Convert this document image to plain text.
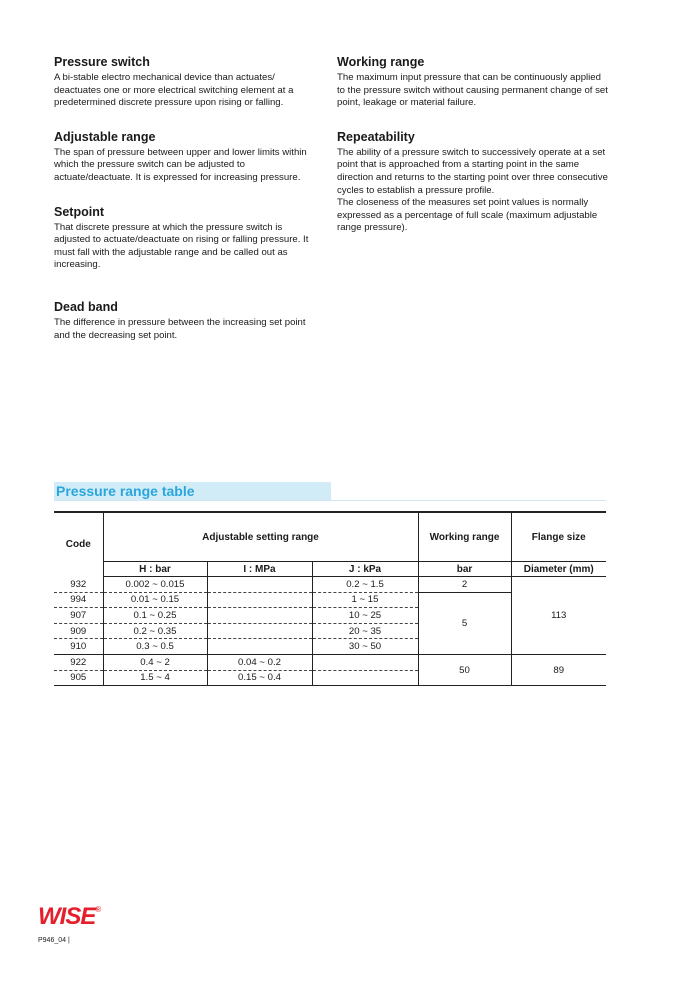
Pressure switch

A bi-stable electro mechanical device than actuates/ deactuates one or more electrical switching element at a predetermined discrete pressure upon rising or falling.

Adjustable range

The span of pressure between upper and lower limits within which the pressure switch can be adjusted to actuate/deactuate. It is expressed for increasing pressure.

Setpoint

That discrete pressure at which the pressure switch is adjusted to actuate/deactuate on rising or falling pressure. It must fall with the adjustable range and be called out as increasing.

Dead band

The difference in pressure between the increasing set point and the decreasing set point.

Working range

The maximum input pressure that can be continuously applied to the pressure switch without causing permanent change of set point, leakage or material failure.

Repeatability

The ability of a pressure switch to successively operate at a set point that is approached from a starting point in the same direction and returns to the starting point over three consecutive cycles to establish a pressure profile.

The closeness of the measures set point values is normally expressed as a percentage of full scale (maximum adjustable range pressure).

Pressure range table
Code	Adjustable setting range			Working range	Flange size
	H : bar	I : MPa	J : kPa	bar	Diameter (mm)
932	0.002 ~ 0.015		0.2 ~ 1.5	2	113
994	0.01 ~ 0.15		1 ~ 15	5	
907	0.1 ~ 0.25		10 ~ 25		
909	0.2 ~ 0.35		20 ~ 35		
910	0.3 ~ 0.5		30 ~ 50		
922	0.4 ~ 2	0.04 ~ 0.2		50	89
905	1.5 ~ 4	0.15 ~ 0.4			
WISE®
P946_04 |
